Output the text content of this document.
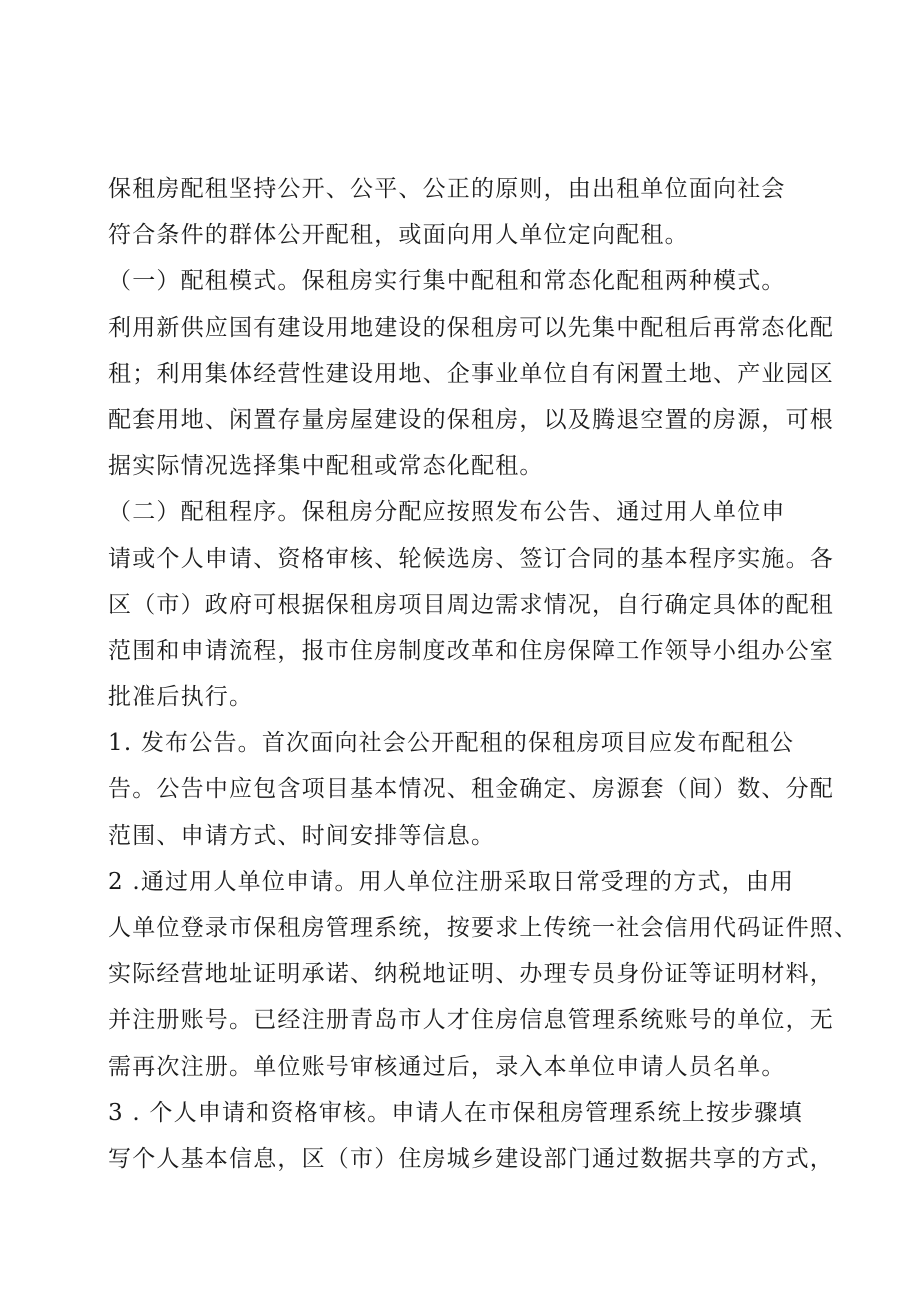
保租房配租坚持公开、公平、公正的原则，由出租单位面向社会
符合条件的群体公开配租，或面向用人单位定向配租。
（一）配租模式。保租房实行集中配租和常态化配租两种模式。
利用新供应国有建设用地建设的保租房可以先集中配租后再常态化配
租；利用集体经营性建设用地、企事业单位自有闲置土地、产业园区
配套用地、闲置存量房屋建设的保租房，以及腾退空置的房源，可根
据实际情况选择集中配租或常态化配租。
（二）配租程序。保租房分配应按照发布公告、通过用人单位申
请或个人申请、资格审核、轮候选房、签订合同的基本程序实施。各
区（市）政府可根据保租房项目周边需求情况，自行确定具体的配租
范围和申请流程，报市住房制度改革和住房保障工作领导小组办公室
批准后执行。
1. 发布公告。首次面向社会公开配租的保租房项目应发布配租公
告。公告中应包含项目基本情况、租金确定、房源套（间）数、分配
范围、申请方式、时间安排等信息。
2 .通过用人单位申请。用人单位注册采取日常受理的方式，由用
人单位登录市保租房管理系统，按要求上传统一社会信用代码证件照、
实际经营地址证明承诺、纳税地证明、办理专员身份证等证明材料，
并注册账号。已经注册青岛市人才住房信息管理系统账号的单位，无
需再次注册。单位账号审核通过后，录入本单位申请人员名单。
3 . 个人申请和资格审核。申请人在市保租房管理系统上按步骤填
写个人基本信息，区（市）住房城乡建设部门通过数据共享的方式，
